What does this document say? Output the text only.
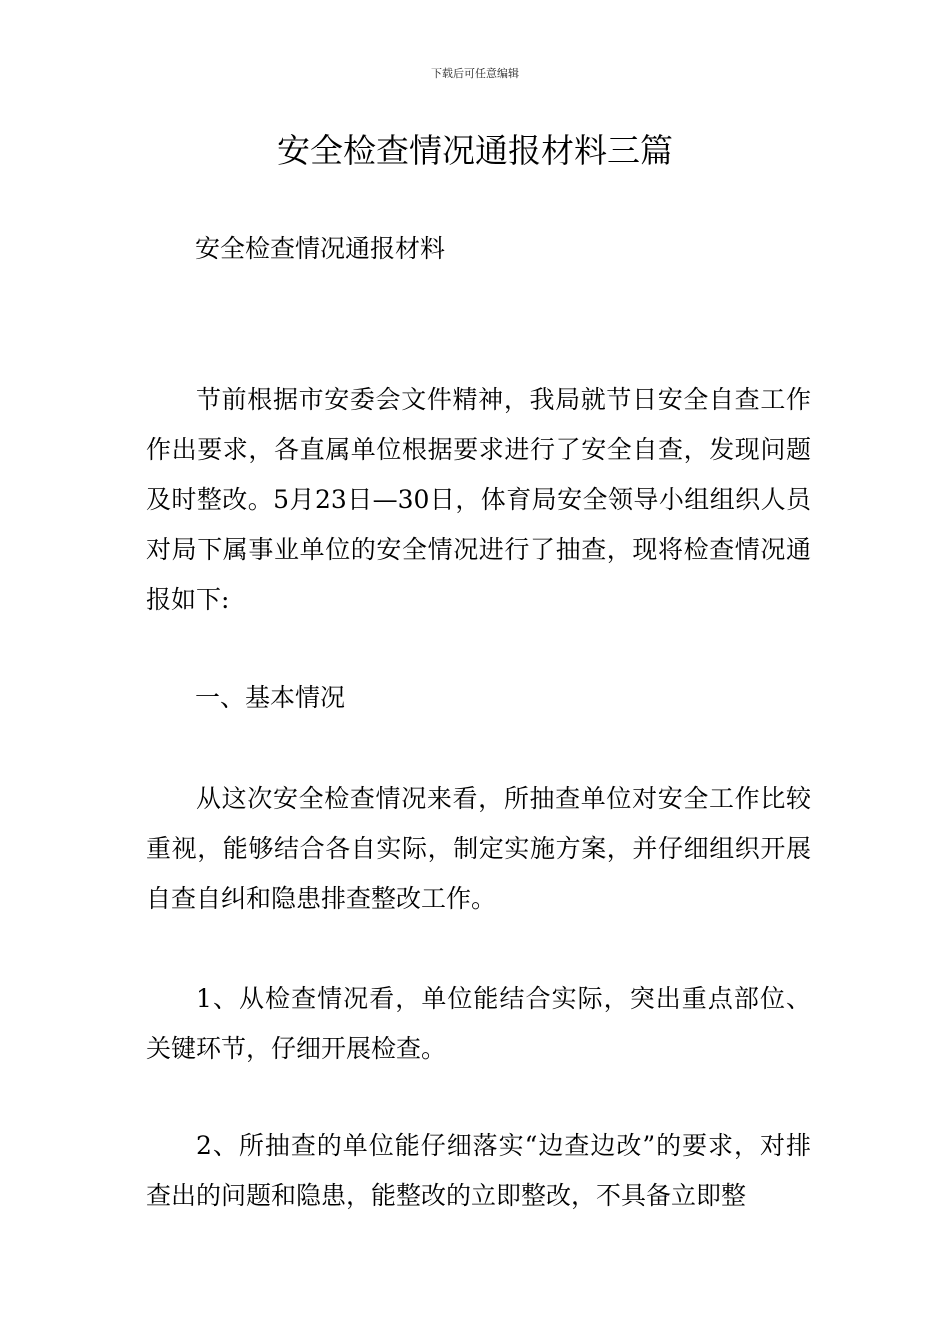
下载后可任意编辑
安全检查情况通报材料三篇
安全检查情况通报材料

节前根据市安委会文件精神，我局就节日安全自查工作作出要求，各直属单位根据要求进行了安全自查，发现问题及时整改。5月23日—30日，体育局安全领导小组组织人员对局下属事业单位的安全情况进行了抽查，现将检查情况通报如下:

一、基本情况

从这次安全检查情况来看，所抽查单位对安全工作比较重视，能够结合各自实际，制定实施方案，并仔细组织开展自查自纠和隐患排查整改工作。

1、从检查情况看，单位能结合实际，突出重点部位、关键环节，仔细开展检查。

2、所抽查的单位能仔细落实“边查边改”的要求，对排查出的问题和隐患，能整改的立即整改，不具备立即整
